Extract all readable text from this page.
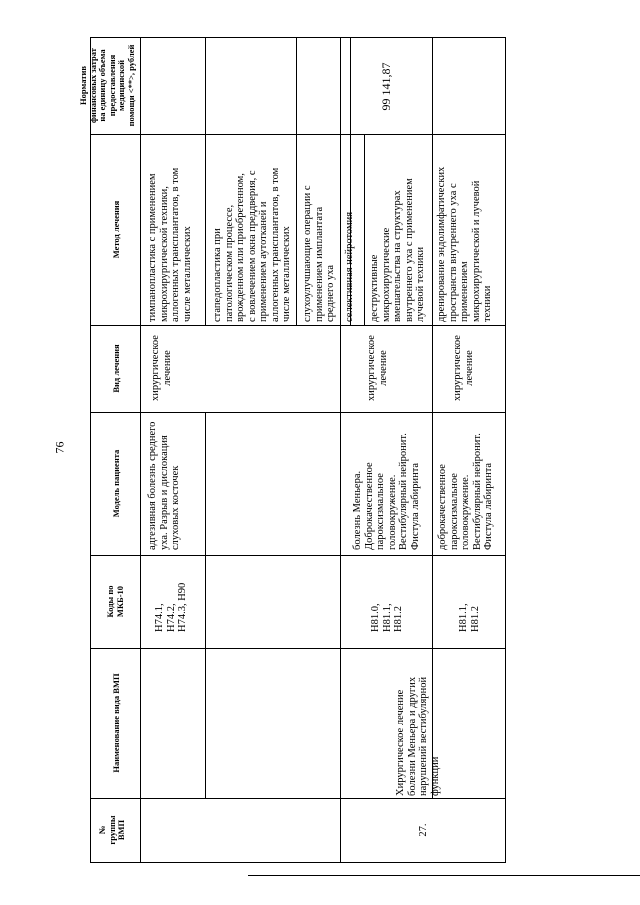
76
№
группы
ВМП
Наименование вида ВМП
Коды по
МКБ-10
Модель пациента
Вид лечения
Метод лечения
Норматив
финансовых затрат
на единицу объема
предоставления
медицинской
помощи <**>, рублей
H74.1,
H74.2,
H74.3, H90
адгезивная болезнь среднего
уха. Разрыв и дислокация
слуховых косточек
хирургическое
лечение
тимпанопластика с применением
микрохирургической техники,
аллогенных трансплантатов, в том
числе металлических стапедопластика при
патологическом процессе,
врожденном или приобретенном,
с вовлечением окна преддверия, с
применением аутотканей и
аллогенных трансплантатов, в том
числе металлических слухоулучшающие операции с
применением имплантата
среднего уха
27.
Хирургическое лечение
болезни Меньера и других
нарушений вестибулярной
функции
99 141,87
H81.0,
H81.1,
H81.2
болезнь Меньера.
Доброкачественное
пароксизмальное
головокружение.
Вестибулярный нейронит.
Фистула лабиринта
хирургическое
лечение
селективная нейротомия деструктивные
микрохирургические
вмешательства на структурах
внутреннего уха с применением
лучевой техники
H81.1,
H81.2
доброкачественное
пароксизмальное
головокружение.
Вестибулярный нейронит.
Фистула лабиринта
хирургическое
лечение
дренирование эндолимфатических
пространств внутреннего уха с
применением
микрохирургической и лучевой
техники
